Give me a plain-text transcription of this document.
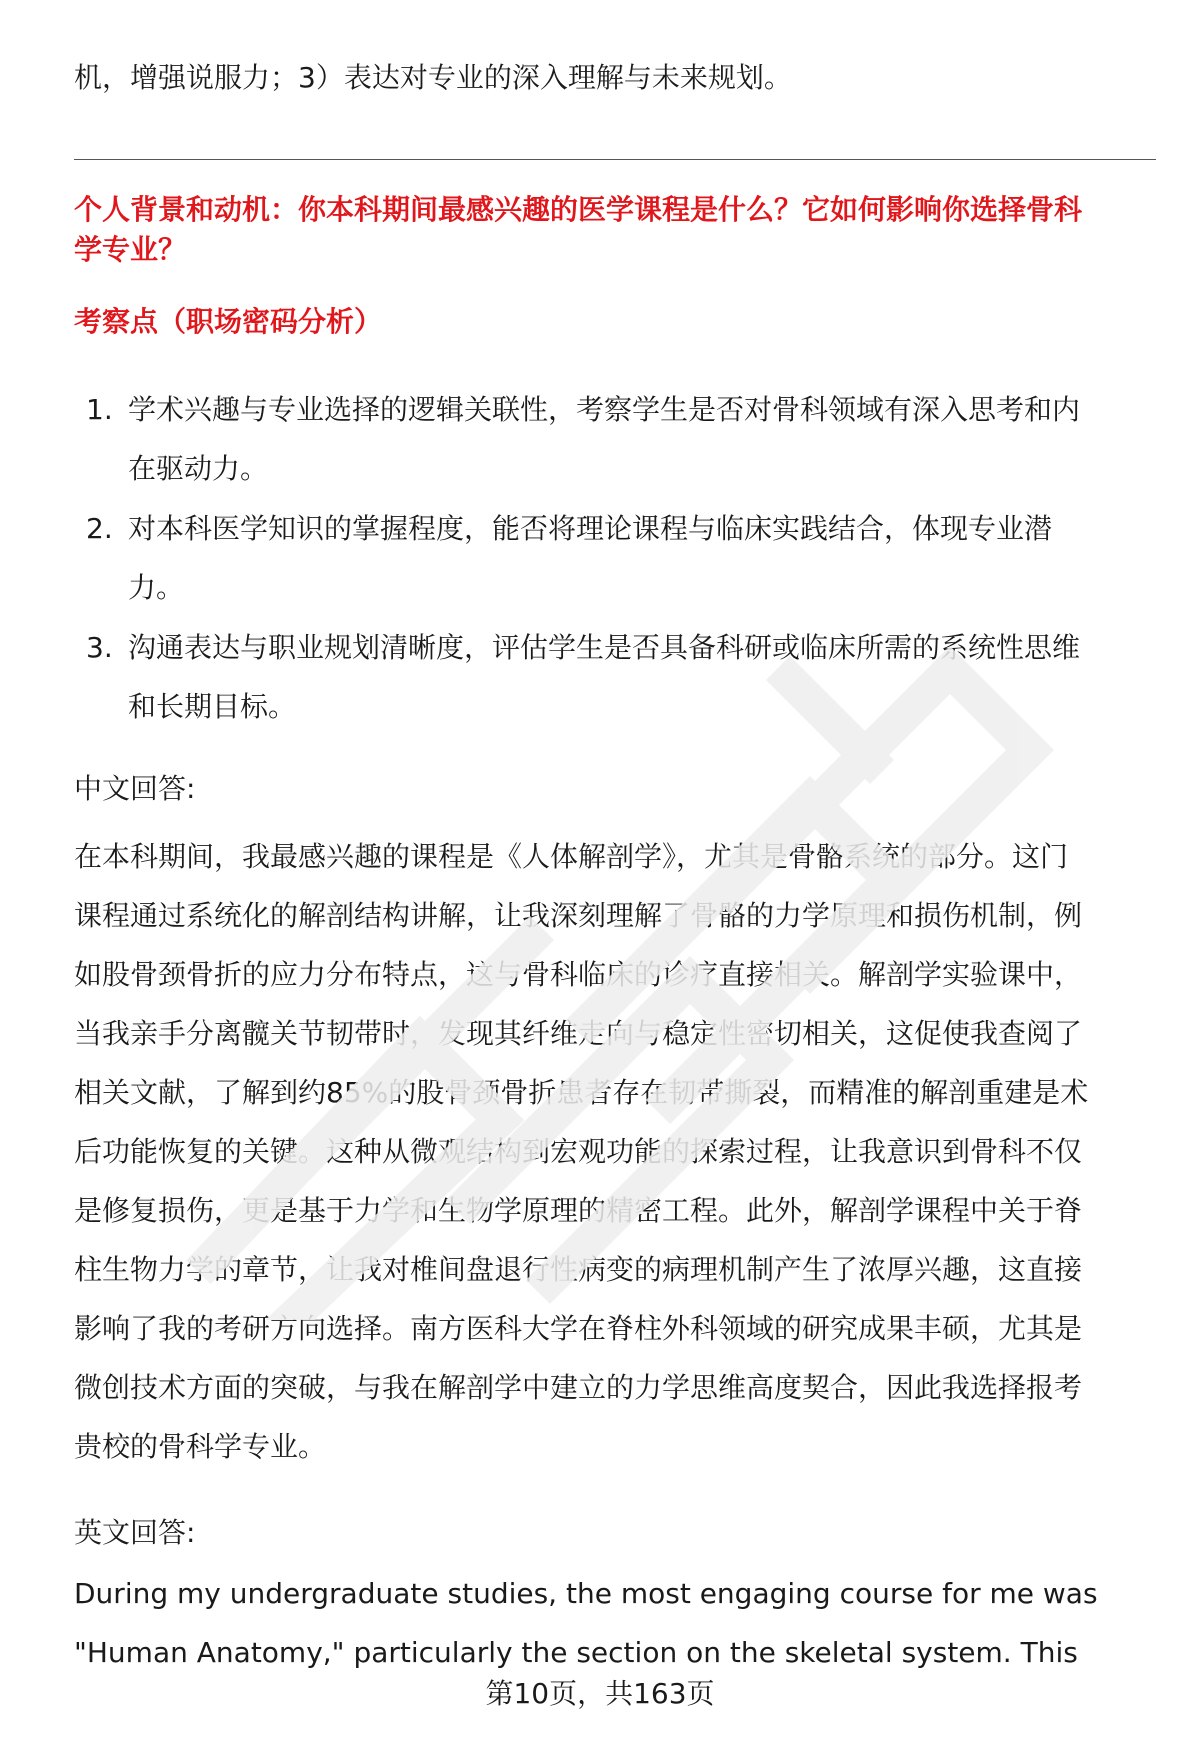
机，增强说服力；3）表达对专业的深入理解与未来规划。
个人背景和动机：你本科期间最感兴趣的医学课程是什么？它如何影响你选择骨科
学专业？
考察点（职场密码分析）
1. 学术兴趣与专业选择的逻辑关联性，考察学生是否对骨科领域有深入思考和内
在驱动力。
2. 对本科医学知识的掌握程度，能否将理论课程与临床实践结合，体现专业潜
力。
3. 沟通表达与职业规划清晰度，评估学生是否具备科研或临床所需的系统性思维
和长期目标。
中文回答:
在本科期间，我最感兴趣的课程是《人体解剖学》，尤其是骨骼系统的部分。这门
课程通过系统化的解剖结构讲解，让我深刻理解了骨骼的力学原理和损伤机制，例
如股骨颈骨折的应力分布特点，这与骨科临床的诊疗直接相关。解剖学实验课中，
当我亲手分离髋关节韧带时，发现其纤维走向与稳定性密切相关，这促使我查阅了
相关文献，了解到约85%的股骨颈骨折患者存在韧带撕裂，而精准的解剖重建是术
后功能恢复的关键。这种从微观结构到宏观功能的探索过程，让我意识到骨科不仅
是修复损伤，更是基于力学和生物学原理的精密工程。此外，解剖学课程中关于脊
柱生物力学的章节，让我对椎间盘退行性病变的病理机制产生了浓厚兴趣，这直接
影响了我的考研方向选择。南方医科大学在脊柱外科领域的研究成果丰硕，尤其是
微创技术方面的突破，与我在解剖学中建立的力学思维高度契合，因此我选择报考
贵校的骨科学专业。
英文回答:
During my undergraduate studies, the most engaging course for me was
"Human Anatomy," particularly the section on the skeletal system. This
第10页，共163页
